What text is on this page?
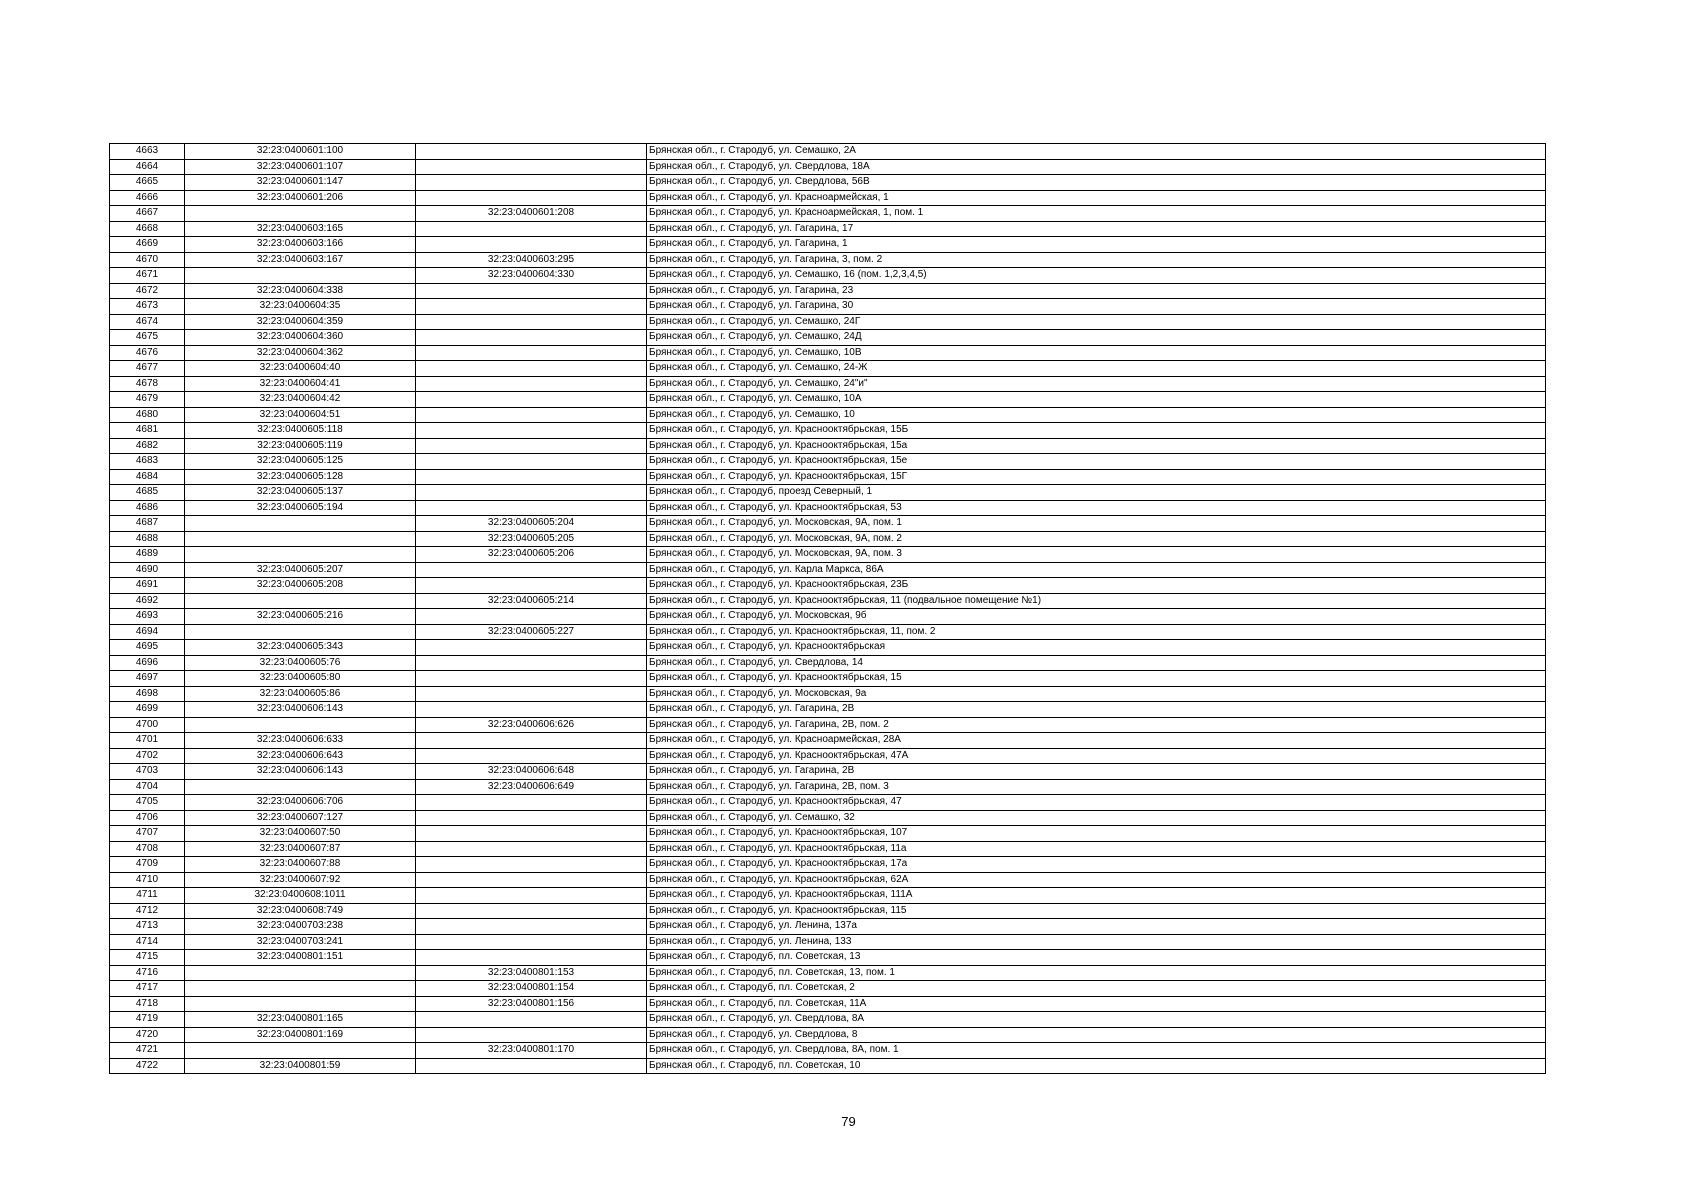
4663	32:23:0400601:100		Брянская обл., г. Стародуб, ул. Семашко, 2А
4664	32:23:0400601:107		Брянская обл., г. Стародуб, ул. Свердлова, 18А
4665	32:23:0400601:147		Брянская обл., г. Стародуб, ул. Свердлова, 56В
4666	32:23:0400601:206		Брянская обл., г. Стародуб, ул. Красноармейская, 1
4667		32:23:0400601:208	Брянская обл., г. Стародуб, ул. Красноармейская, 1, пом. 1
4668	32:23:0400603:165		Брянская обл., г. Стародуб, ул. Гагарина, 17
4669	32:23:0400603:166		Брянская обл., г. Стародуб, ул. Гагарина, 1
4670	32:23:0400603:167	32:23:0400603:295	Брянская обл., г. Стародуб, ул. Гагарина, 3, пом. 2
4671		32:23:0400604:330	Брянская обл., г. Стародуб, ул. Семашко, 16 (пом. 1,2,3,4,5)
4672	32:23:0400604:338		Брянская обл., г. Стародуб, ул. Гагарина, 23
4673	32:23:0400604:35		Брянская обл., г. Стародуб, ул. Гагарина, 30
4674	32:23:0400604:359		Брянская обл., г. Стародуб, ул. Семашко, 24Г
4675	32:23:0400604:360		Брянская обл., г. Стародуб, ул. Семашко, 24Д
4676	32:23:0400604:362		Брянская обл., г. Стародуб, ул. Семашко, 10В
4677	32:23:0400604:40		Брянская обл., г. Стародуб, ул. Семашко, 24-Ж
4678	32:23:0400604:41		Брянская обл., г. Стародуб, ул. Семашко, 24"и"
4679	32:23:0400604:42		Брянская обл., г. Стародуб, ул. Семашко, 10А
4680	32:23:0400604:51		Брянская обл., г. Стародуб, ул. Семашко, 10
4681	32:23:0400605:118		Брянская обл., г. Стародуб, ул. Краснооктябрьская, 15Б
4682	32:23:0400605:119		Брянская обл., г. Стародуб, ул. Краснооктябрьская, 15а
4683	32:23:0400605:125		Брянская обл., г. Стародуб, ул. Краснооктябрьская, 15е
4684	32:23:0400605:128		Брянская обл., г. Стародуб, ул. Краснооктябрьская, 15Г
4685	32:23:0400605:137		Брянская обл., г. Стародуб, проезд Северный, 1
4686	32:23:0400605:194		Брянская обл., г. Стародуб, ул. Краснооктябрьская, 53
4687		32:23:0400605:204	Брянская обл., г. Стародуб, ул. Московская, 9А, пом. 1
4688		32:23:0400605:205	Брянская обл., г. Стародуб, ул. Московская, 9А, пом. 2
4689		32:23:0400605:206	Брянская обл., г. Стародуб, ул. Московская, 9А, пом. 3
4690	32:23:0400605:207		Брянская обл., г. Стародуб, ул. Карла Маркса, 86А
4691	32:23:0400605:208		Брянская обл., г. Стародуб, ул. Краснооктябрьская, 23Б
4692		32:23:0400605:214	Брянская обл., г. Стародуб, ул. Краснооктябрьская, 11 (подвальное помещение №1)
4693	32:23:0400605:216		Брянская обл., г. Стародуб, ул. Московская, 9б
4694		32:23:0400605:227	Брянская обл., г. Стародуб, ул. Краснооктябрьская, 11, пом. 2
4695	32:23:0400605:343		Брянская обл., г. Стародуб, ул. Краснооктябрьская
4696	32:23:0400605:76		Брянская обл., г. Стародуб, ул. Свердлова, 14
4697	32:23:0400605:80		Брянская обл., г. Стародуб, ул. Краснооктябрьская, 15
4698	32:23:0400605:86		Брянская обл., г. Стародуб, ул. Московская, 9а
4699	32:23:0400606:143		Брянская обл., г. Стародуб, ул. Гагарина, 2В
4700		32:23:0400606:626	Брянская обл., г. Стародуб, ул. Гагарина, 2В, пом. 2
4701	32:23:0400606:633		Брянская обл., г. Стародуб, ул. Красноармейская, 28А
4702	32:23:0400606:643		Брянская обл., г. Стародуб, ул. Краснооктябрьская, 47А
4703	32:23:0400606:143	32:23:0400606:648	Брянская обл., г. Стародуб, ул. Гагарина, 2В
4704		32:23:0400606:649	Брянская обл., г. Стародуб, ул. Гагарина, 2В, пом. 3
4705	32:23:0400606:706		Брянская обл., г. Стародуб, ул. Краснооктябрьская, 47
4706	32:23:0400607:127		Брянская обл., г. Стародуб, ул. Семашко, 32
4707	32:23:0400607:50		Брянская обл., г. Стародуб, ул. Краснооктябрьская, 107
4708	32:23:0400607:87		Брянская обл., г. Стародуб, ул. Краснооктябрьская, 11а
4709	32:23:0400607:88		Брянская обл., г. Стародуб, ул. Краснооктябрьская, 17а
4710	32:23:0400607:92		Брянская обл., г. Стародуб, ул. Краснооктябрьская, 62А
4711	32:23:0400608:1011		Брянская обл., г. Стародуб, ул. Краснооктябрьская, 111А
4712	32:23:0400608:749		Брянская обл., г. Стародуб, ул. Краснооктябрьская, 115
4713	32:23:0400703:238		Брянская обл., г. Стародуб, ул. Ленина, 137а
4714	32:23:0400703:241		Брянская обл., г. Стародуб, ул. Ленина, 133
4715	32:23:0400801:151		Брянская обл., г. Стародуб, пл. Советская, 13
4716		32:23:0400801:153	Брянская обл., г. Стародуб, пл. Советская, 13, пом. 1
4717		32:23:0400801:154	Брянская обл., г. Стародуб, пл. Советская, 2
4718		32:23:0400801:156	Брянская обл., г. Стародуб, пл. Советская, 11А
4719	32:23:0400801:165		Брянская обл., г. Стародуб, ул. Свердлова, 8А
4720	32:23:0400801:169		Брянская обл., г. Стародуб, ул. Свердлова, 8
4721		32:23:0400801:170	Брянская обл., г. Стародуб, ул. Свердлова, 8А, пом. 1
4722	32:23:0400801:59		Брянская обл., г. Стародуб, пл. Советская, 10
79
